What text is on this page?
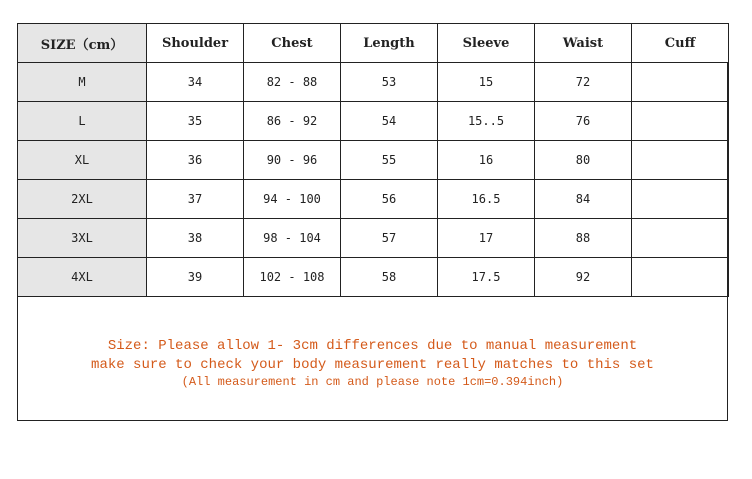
SIZE（cm）	Shoulder	Chest	Length	Sleeve	Waist	Cuff
M	34	82 - 88	53	15	72	
L	35	86 - 92	54	15..5	76	
XL	36	90 - 96	55	16	80	
2XL	37	94 - 100	56	16.5	84	
3XL	38	98 - 104	57	17	88	
4XL	39	102 - 108	58	17.5	92	
Size: Please allow 1- 3cm differences due to manual measurement
make sure to check your body measurement really matches to this set
(All measurement in cm and please note 1cm=0.394inch)
